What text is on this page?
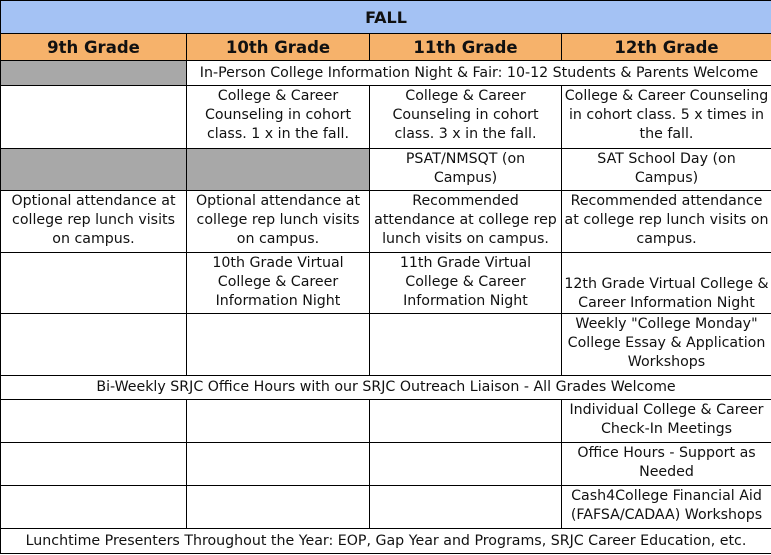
FALL			
9th Grade	10th Grade	11th Grade	12th Grade
	In-Person College Information Night & Fair: 10-12 Students & Parents Welcome		
	College & Career Counseling in cohort class. 1 x in the fall.	College & Career Counseling in cohort class. 3 x in the fall.	College & Career Counseling in cohort class. 5 x times in the fall.
		PSAT/NMSQT (on Campus)	SAT School Day (on Campus)
Optional attendance at college rep lunch visits on campus.	Optional attendance at college rep lunch visits on campus.	Recommended attendance at college rep lunch visits on campus.	Recommended attendance at college rep lunch visits on campus.
	10th Grade Virtual College & Career Information Night	11th Grade Virtual College & Career Information Night	12th Grade Virtual College & Career Information Night
			Weekly "College Monday" College Essay & Application Workshops
Bi-Weekly SRJC Office Hours with our SRJC Outreach Liaison - All Grades Welcome			
			Individual College & Career Check-In Meetings
			Office Hours - Support as Needed
			Cash4College Financial Aid (FAFSA/CADAA) Workshops
Lunchtime Presenters Throughout the Year: EOP, Gap Year and Programs, SRJC Career Education, etc.			
